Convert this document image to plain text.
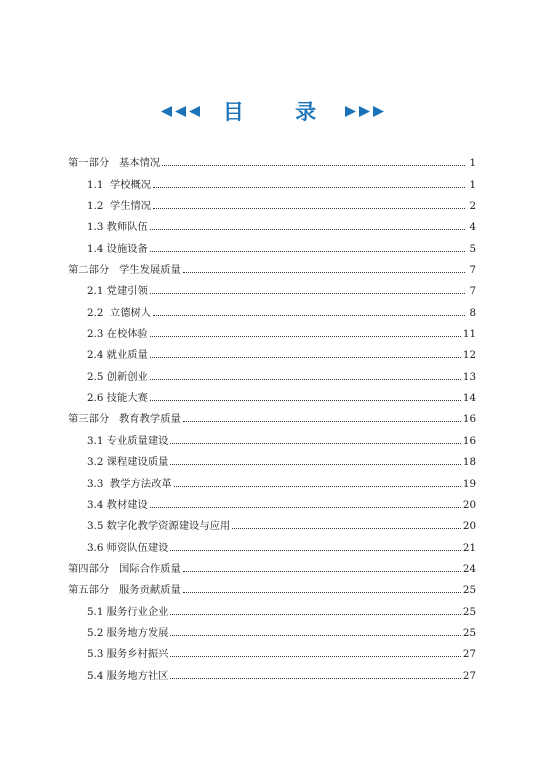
目 录
第一部分   基本情况	1
1.1  学校概况	1
1.2  学生情况	2
1.3 教师队伍	4
1.4 设施设备	5
第二部分   学生发展质量	7
2.1 党建引领	7
2.2  立德树人	8
2.3 在校体验	11
2.4 就业质量	12
2.5 创新创业	13
2.6 技能大赛	14
第三部分   教育教学质量	16
3.1 专业质量建设	16
3.2 课程建设质量	18
3.3  教学方法改革	19
3.4 教材建设	20
3.5 数字化教学资源建设与应用	20
3.6 师资队伍建设	21
第四部分   国际合作质量	24
第五部分   服务贡献质量	25
5.1 服务行业企业	25
5.2 服务地方发展	25
5.3 服务乡村振兴	27
5.4 服务地方社区	27
